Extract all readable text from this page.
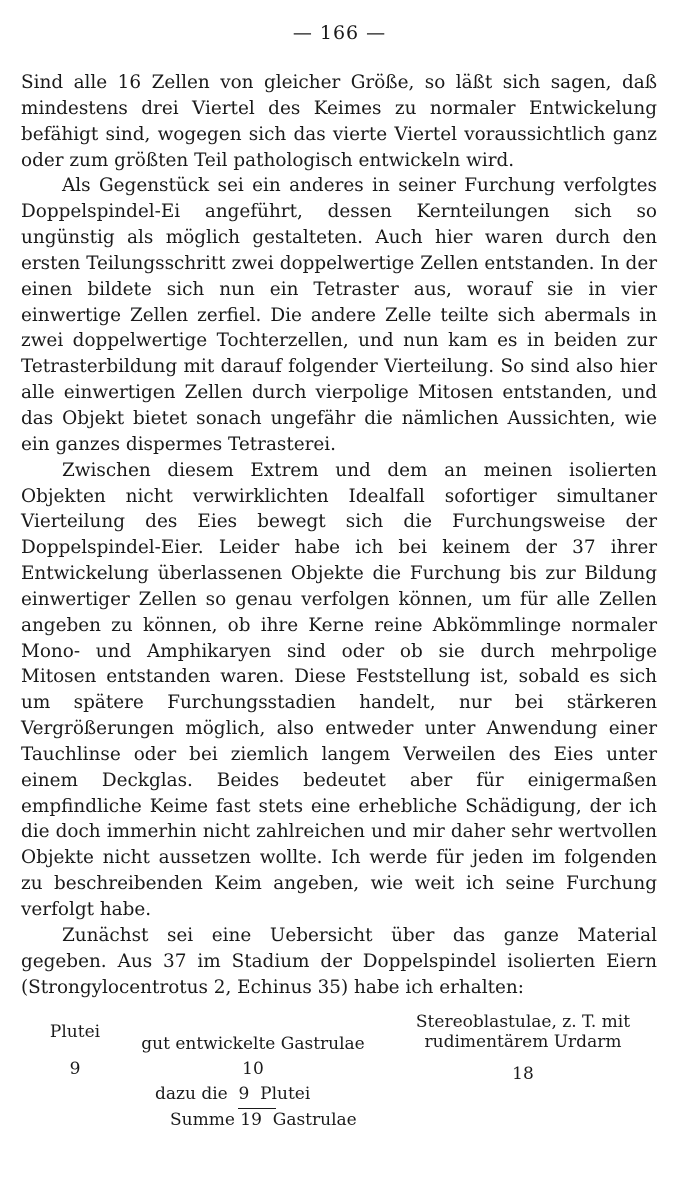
— 166 —

Sind alle 16 Zellen von gleicher Größe, so läßt sich sagen, daß mindestens drei Viertel des Keimes zu normaler Entwickelung befähigt sind, wogegen sich das vierte Viertel voraussichtlich ganz oder zum größten Teil pathologisch entwickeln wird.

Als Gegenstück sei ein anderes in seiner Furchung verfolgtes Doppelspindel-Ei angeführt, dessen Kernteilungen sich so ungünstig als möglich gestalteten. Auch hier waren durch den ersten Teilungsschritt zwei doppelwertige Zellen entstanden. In der einen bildete sich nun ein Tetraster aus, worauf sie in vier einwertige Zellen zerfiel. Die andere Zelle teilte sich abermals in zwei doppelwertige Tochterzellen, und nun kam es in beiden zur Tetrasterbildung mit darauf folgender Vierteilung. So sind also hier alle einwertigen Zellen durch vierpolige Mitosen entstanden, und das Objekt bietet sonach ungefähr die nämlichen Aussichten, wie ein ganzes dispermes Tetrasterei.

Zwischen diesem Extrem und dem an meinen isolierten Objekten nicht verwirklichten Idealfall sofortiger simultaner Vierteilung des Eies bewegt sich die Furchungsweise der Doppelspindel-Eier. Leider habe ich bei keinem der 37 ihrer Entwickelung überlassenen Objekte die Furchung bis zur Bildung einwertiger Zellen so genau verfolgen können, um für alle Zellen angeben zu können, ob ihre Kerne reine Abkömmlinge normaler Mono- und Amphikaryen sind oder ob sie durch mehrpolige Mitosen entstanden waren. Diese Feststellung ist, sobald es sich um spätere Furchungsstadien handelt, nur bei stärkeren Vergrößerungen möglich, also entweder unter Anwendung einer Tauchlinse oder bei ziemlich langem Verweilen des Eies unter einem Deckglas. Beides bedeutet aber für einigermaßen empfindliche Keime fast stets eine erhebliche Schädigung, der ich die doch immerhin nicht zahlreichen und mir daher sehr wertvollen Objekte nicht aussetzen wollte. Ich werde für jeden im folgenden zu beschreibenden Keim angeben, wie weit ich seine Furchung verfolgt habe.

Zunächst sei eine Uebersicht über das ganze Material gegeben. Aus 37 im Stadium der Doppelspindel isolierten Eiern (Strongylocentrotus 2, Echinus 35) habe ich erhalten:

Plutei
gut entwickelte Gastrulae
Stereoblastulae, z. T. mit
rudimentärem Urdarm
9	10	18
dazu die  9  Plutei
Summe 19  Gastrulae
